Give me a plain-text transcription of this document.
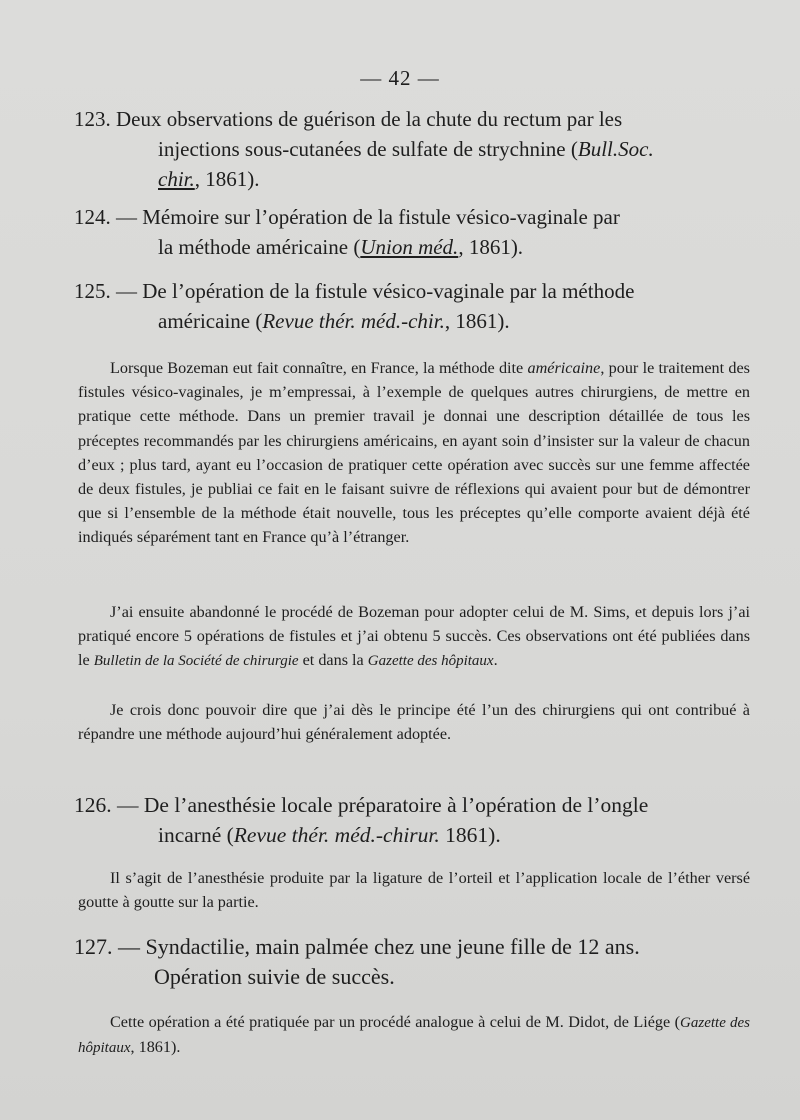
— 42 —

123. Deux observations de guérison de la chute du rectum par les
injections sous-cutanées de sulfate de strychnine (Bull.Soc.
chir., 1861).

124. — Mémoire sur l’opération de la fistule vésico-vaginale par
la méthode américaine (Union méd., 1861).

125. — De l’opération de la fistule vésico-vaginale par la méthode
américaine (Revue thér. méd.-chir., 1861).

Lorsque Bozeman eut fait connaître, en France, la méthode dite américaine, pour le traitement des fistules vésico-vaginales, je m’empressai, à l’exemple de quelques autres chirurgiens, de mettre en pratique cette méthode. Dans un premier travail je donnai une description détaillée de tous les préceptes recommandés par les chirurgiens américains, en ayant soin d’insister sur la valeur de chacun d’eux ; plus tard, ayant eu l’occasion de pratiquer cette opération avec succès sur une femme affectée de deux fistules, je publiai ce fait en le faisant suivre de réflexions qui avaient pour but de démontrer que si l’ensemble de la méthode était nouvelle, tous les préceptes qu’elle comporte avaient déjà été indiqués séparément tant en France qu’à l’étranger.

J’ai ensuite abandonné le procédé de Bozeman pour adopter celui de M. Sims, et depuis lors j’ai pratiqué encore 5 opérations de fistules et j’ai obtenu 5 succès. Ces observations ont été publiées dans le Bulletin de la Société de chirurgie et dans la Gazette des hôpitaux.

Je crois donc pouvoir dire que j’ai dès le principe été l’un des chirurgiens qui ont contribué à répandre une méthode aujourd’hui généralement adoptée.

126. — De l’anesthésie locale préparatoire à l’opération de l’ongle
incarné (Revue thér. méd.-chirur. 1861).

Il s’agit de l’anesthésie produite par la ligature de l’orteil et l’application locale de l’éther versé goutte à goutte sur la partie.

127. — Syndactilie, main palmée chez une jeune fille de 12 ans.
Opération suivie de succès.

Cette opération a été pratiquée par un procédé analogue à celui de M. Didot, de Liége (Gazette des hôpitaux, 1861).
